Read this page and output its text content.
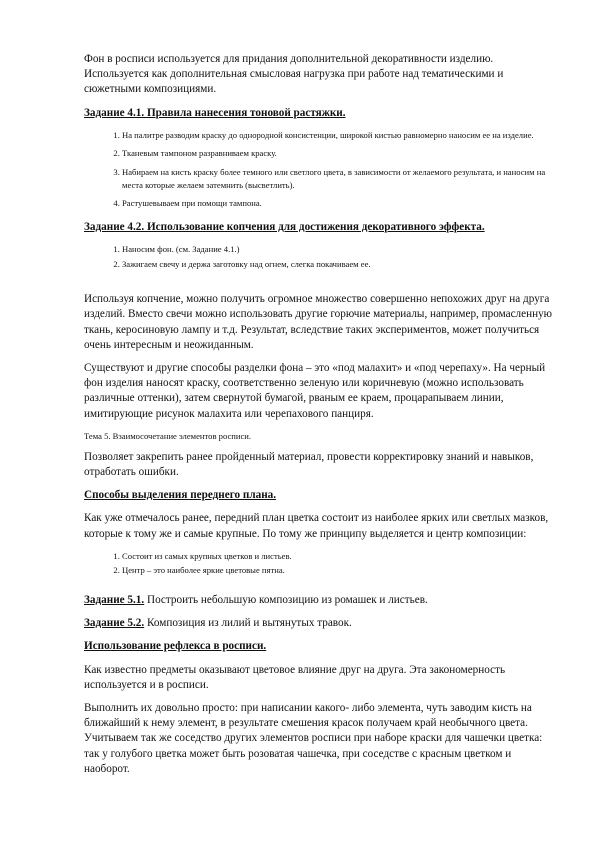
Фон в росписи используется для придания дополнительной декоративности изделию. Используется как дополнительная смысловая нагрузка при работе над тематическими и сюжетными композициями.

Задание 4.1. Правила нанесения тоновой растяжки.

1. На палитре разводим краску до однородной консистенции, широкой кистью равномерно наносим ее на изделие.
2. Тканевым тампоном разравниваем краску.
3. Набираем на кисть краску более темного или светлого цвета, в зависимости от желаемого результата, и наносим на места которые желаем затемнить (высветлить).
4. Растушевываем при помощи тампона.

Задание 4.2. Использование копчения для достижения декоративного эффекта.

1. Наносим фон. (см. Задание 4.1.)
2. Зажигаем свечу и держа заготовку над огнем, слегка покачиваем ее.

Используя копчение, можно получить огромное множество совершенно непохожих друг на друга изделий. Вместо свечи можно использовать другие горючие материалы, например, промасленную ткань, керосиновую лампу и т.д. Результат, вследствие таких экспериментов, может получиться очень интересным и неожиданным.

Существуют и другие способы разделки фона – это «под малахит» и «под черепаху». На черный фон изделия наносят краску, соответственно зеленую или коричневую (можно использовать различные оттенки), затем свернутой бумагой, рваным ее краем, процарапываем линии, имитирующие рисунок малахита или черепахового панциря.

Тема 5. Взаимосочетание элементов росписи.

Позволяет закрепить ранее пройденный материал, провести корректировку знаний и навыков, отработать ошибки.

Способы выделения переднего плана.

Как уже отмечалось ранее, передний план цветка состоит из наиболее ярких или светлых мазков, которые к тому же и самые крупные. По тому же принципу выделяется и центр композиции:

1. Состоит из самых крупных цветков и листьев.
2. Центр – это наиболее яркие цветовые пятна.

Задание 5.1. Построить небольшую композицию из ромашек и листьев.

Задание 5.2. Композиция из лилий и вытянутых травок.

Использование рефлекса в росписи.

Как известно предметы оказывают цветовое влияние друг на друга. Эта закономерность используется и в росписи.

Выполнить их довольно просто: при написании какого- либо элемента, чуть заводим кисть на ближайший к нему элемент, в результате смешения красок получаем край необычного цвета. Учитываем так же соседство других элементов росписи при наборе краски для чашечки цветка: так у голубого цветка может быть розоватая чашечка, при соседстве с красным цветком и наоборот.
